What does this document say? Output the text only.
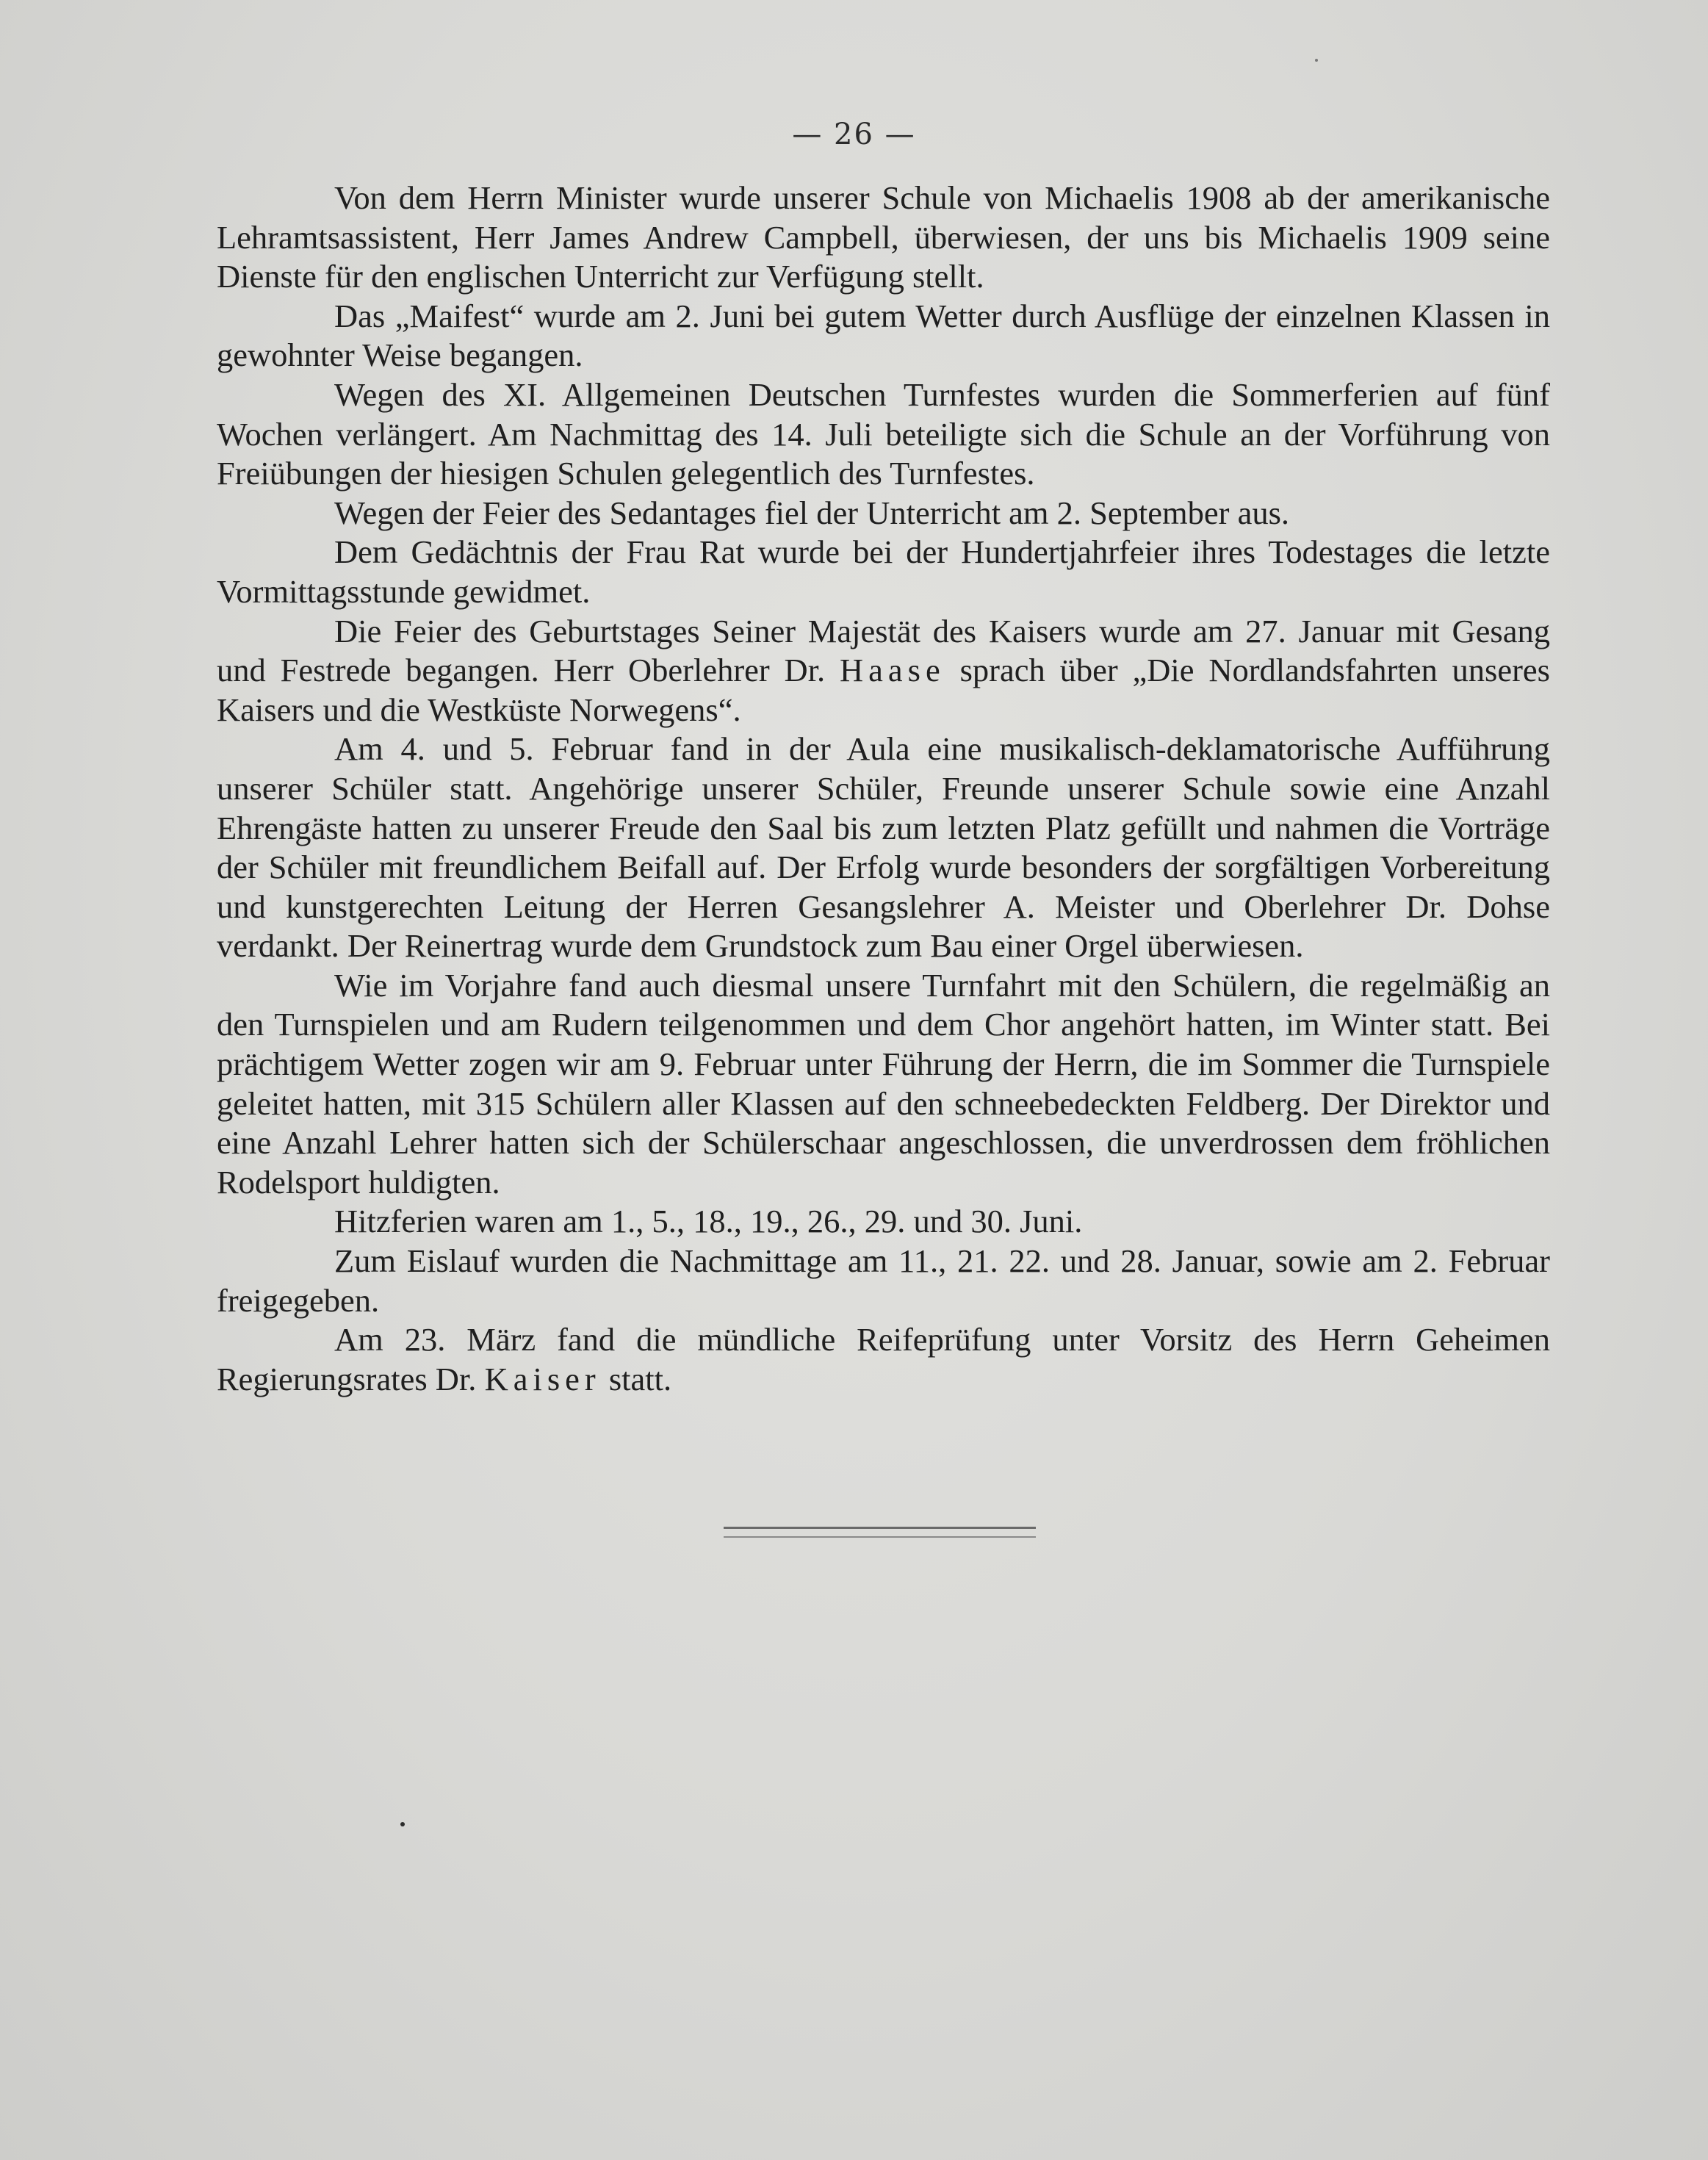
— 26 —

Von dem Herrn Minister wurde unserer Schule von Michaelis 1908 ab der amerikanische Lehramtsassistent, Herr James Andrew Campbell, überwiesen, der uns bis Michaelis 1909 seine Dienste für den englischen Unterricht zur Verfügung stellt.

Das „Maifest“ wurde am 2. Juni bei gutem Wetter durch Ausflüge der einzelnen Klassen in gewohnter Weise begangen.

Wegen des XI. Allgemeinen Deutschen Turnfestes wurden die Sommerferien auf fünf Wochen verlängert. Am Nachmittag des 14. Juli beteiligte sich die Schule an der Vorführung von Freiübungen der hiesigen Schulen gelegentlich des Turnfestes.

Wegen der Feier des Sedantages fiel der Unterricht am 2. September aus.

Dem Gedächtnis der Frau Rat wurde bei der Hundertjahrfeier ihres Todestages die letzte Vormittagsstunde gewidmet.

Die Feier des Geburtstages Seiner Majestät des Kaisers wurde am 27. Januar mit Gesang und Festrede begangen. Herr Oberlehrer Dr. Haase sprach über „Die Nordlandsfahrten unseres Kaisers und die Westküste Norwegens“.

Am 4. und 5. Februar fand in der Aula eine musikalisch-deklamatorische Aufführung unserer Schüler statt. Angehörige unserer Schüler, Freunde unserer Schule sowie eine Anzahl Ehrengäste hatten zu unserer Freude den Saal bis zum letzten Platz gefüllt und nahmen die Vorträge der Schüler mit freundlichem Beifall auf. Der Erfolg wurde besonders der sorgfältigen Vorbereitung und kunstgerechten Leitung der Herren Gesangslehrer A. Meister und Oberlehrer Dr. Dohse verdankt. Der Reinertrag wurde dem Grundstock zum Bau einer Orgel überwiesen.

Wie im Vorjahre fand auch diesmal unsere Turnfahrt mit den Schülern, die regelmäßig an den Turnspielen und am Rudern teilgenommen und dem Chor angehört hatten, im Winter statt. Bei prächtigem Wetter zogen wir am 9. Februar unter Führung der Herrn, die im Sommer die Turnspiele geleitet hatten, mit 315 Schülern aller Klassen auf den schneebedeckten Feldberg. Der Direktor und eine Anzahl Lehrer hatten sich der Schülerschaar angeschlossen, die unverdrossen dem fröhlichen Rodelsport huldigten.

Hitzferien waren am 1., 5., 18., 19., 26., 29. und 30. Juni.

Zum Eislauf wurden die Nachmittage am 11., 21. 22. und 28. Januar, sowie am 2. Februar freigegeben.

Am 23. März fand die mündliche Reifeprüfung unter Vorsitz des Herrn Geheimen Regierungsrates Dr. Kaiser statt.
